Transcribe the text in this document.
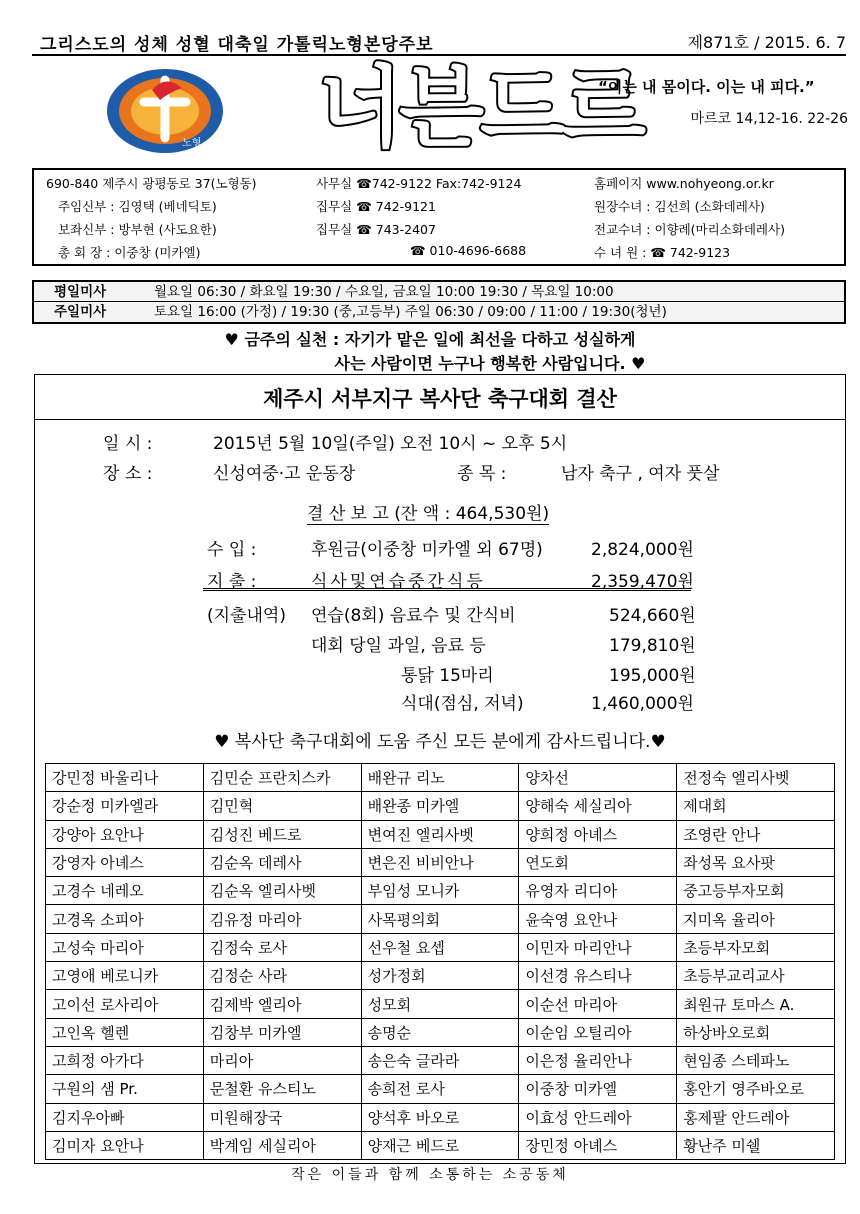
그리스도의 성체 성혈 대축일 가톨릭노형본당주보	제871호 / 2015. 6. 7
노형 너븐드르
“이는 내 몸이다. 이는 내 피다.”
마르코 14,12-16. 22-26
690-840 제주시 광평동로 37(노형동)	사무실 ☎742-9122 Fax:742-9124	홈페이지 www.nohyeong.or.kr
주임신부 : 김영택 (베네딕토)	집무실 ☎ 742-9121	원장수녀 : 김선희 (소화데레사)
보좌신부 : 방부현 (사도요한)	집무실 ☎ 743-2407	전교수녀 : 이향례(마리소화데레사)
총 회 장 : 이중창 (미카엘)	☎ 010-4696-6688	수 녀 원 : ☎ 742-9123
평일미사	월요일 06:30 / 화요일 19:30 / 수요일, 금요일 10:00 19:30 / 목요일 10:00
주일미사	토요일 16:00 (가정) / 19:30 (중,고등부) 주일 06:30 / 09:00 / 11:00 / 19:30(청년)
♥ 금주의 실천 : 자기가 맡은 일에 최선을 다하고 성실하게
사는 사람이면 누구나 행복한 사람입니다. ♥
제주시 서부지구 복사단 축구대회 결산
일 시 :	2015년 5월 10일(주일) 오전 10시 ~ 오후 5시
장 소 :	신성여중·고 운동장	종 목 :	남자 축구 , 여자 풋살
결 산 보 고 (잔 액 : 464,530원)
수 입 :	후원금(이중창 미카엘 외 67명)	2,824,000원
지 출 :	식사및연습중간식등	2,359,470원
(지출내역) 연습(8회) 음료수 및 간식비	524,660원
대회 당일 과일, 음료 등	179,810원
통닭 15마리	195,000원
식대(점심, 저녁)	1,460,000원
♥ 복사단 축구대회에 도움 주신 모든 분에게 감사드립니다.♥
강민정 바울리나	김민순 프란치스카	배완규 리노	양차선	전정숙 엘리사벳
강순정 미카엘라	김민혁	배완종 미카엘	양해숙 세실리아	제대회
강양아 요안나	김성진 베드로	변여진 엘리사벳	양희정 아녜스	조영란 안나
강영자 아녜스	김순옥 데레사	변은진 비비안나	연도회	좌성목 요사팟
고경수 네레오	김순옥 엘리사벳	부임성 모니카	유영자 리디아	중고등부자모회
고경옥 소피아	김유정 마리아	사목평의회	윤숙영 요안나	지미옥 율리아
고성숙 마리아	김정숙 로사	선우철 요셉	이민자 마리안나	초등부자모회
고영애 베로니카	김정순 사라	성가정회	이선경 유스티나	초등부교리교사
고이선 로사리아	김제박 엘리아	성모회	이순선 마리아	최원규 토마스 A.
고인옥 헬렌	김창부 미카엘	송명순	이순임 오틸리아	하상바오로회
고희정 아가다	마리아	송은숙 글라라	이은정 율리안나	현임종 스테파노
구원의 샘 Pr.	문철환 유스티노	송희전 로사	이중창 미카엘	홍안기 영주바오로
김지우아빠	미원해장국	양석후 바오로	이효성 안드레아	홍제팔 안드레아
김미자 요안나	박계임 세실리아	양재근 베드로	장민정 아녜스	황난주 미쉘
작은 이들과 함께 소통하는 소공동체
